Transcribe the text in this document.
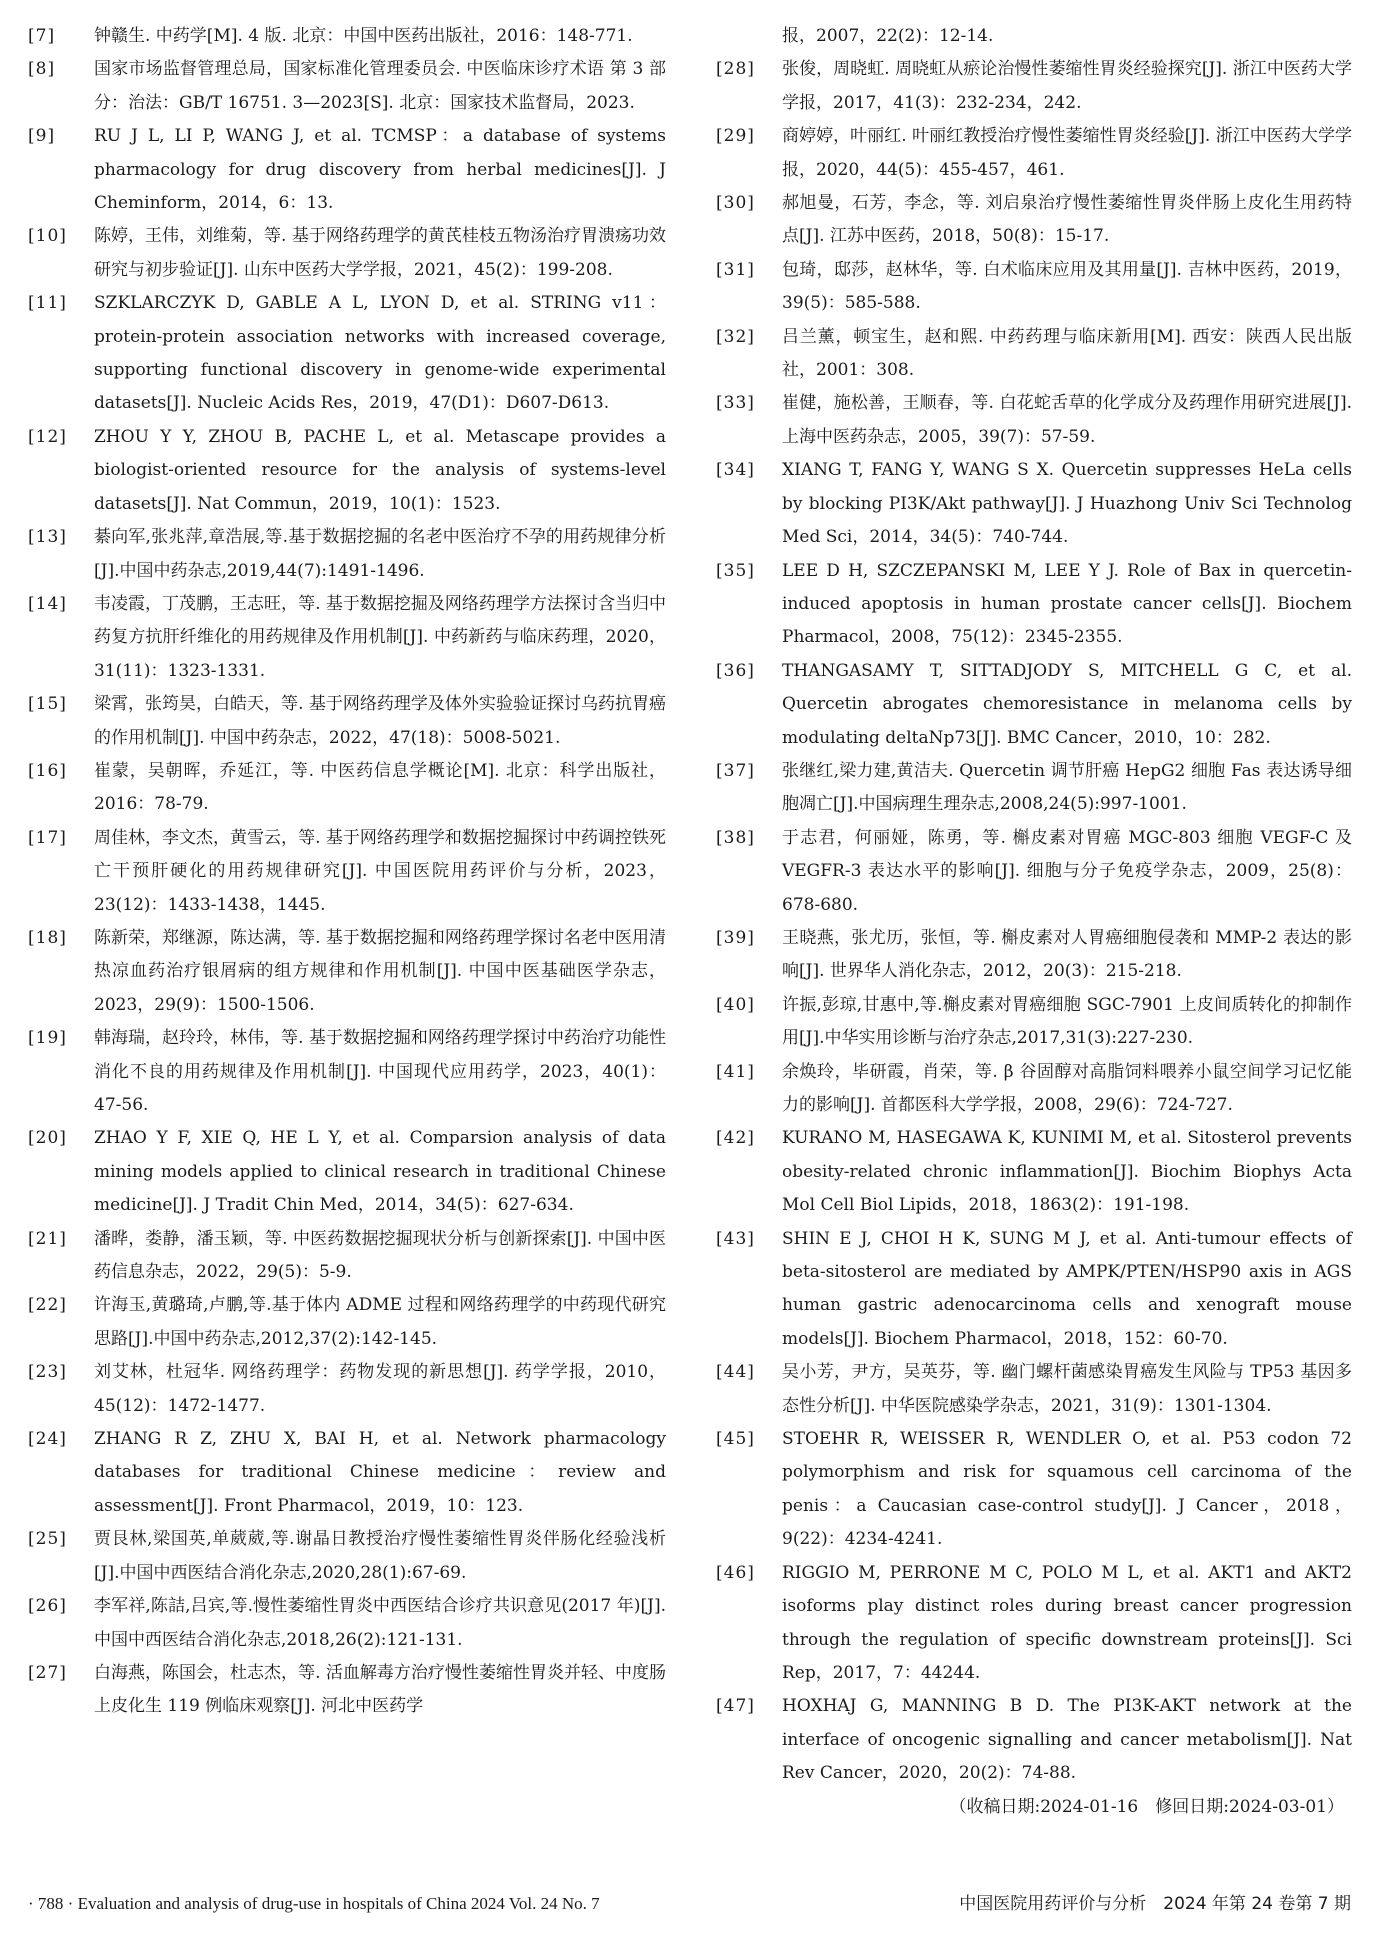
[7]	钟赣生. 中药学[M]. 4 版. 北京：中国中医药出版社，2016：148-771.
[8]	国家市场监督管理总局，国家标准化管理委员会. 中医临床诊疗术语 第 3 部分：治法：GB/T 16751. 3—2023[S]. 北京：国家技术监督局，2023.
[9]	RU J L, LI P, WANG J, et al. TCMSP：a database of systems pharmacology for drug discovery from herbal medicines[J]. J Cheminform，2014，6：13.
[10]	陈婷，王伟，刘维菊，等. 基于网络药理学的黄芪桂枝五物汤治疗胃溃疡功效研究与初步验证[J]. 山东中医药大学学报，2021，45(2)：199-208.
[11]	SZKLARCZYK D, GABLE A L, LYON D, et al. STRING v11：protein-protein association networks with increased coverage, supporting functional discovery in genome-wide experimental datasets[J]. Nucleic Acids Res，2019，47(D1)：D607-D613.
[12]	ZHOU Y Y, ZHOU B, PACHE L, et al. Metascape provides a biologist-oriented resource for the analysis of systems-level datasets[J]. Nat Commun，2019，10(1)：1523.
[13]	綦向军,张兆萍,章浩展,等.基于数据挖掘的名老中医治疗不孕的用药规律分析[J].中国中药杂志,2019,44(7):1491-1496.
[14]	韦凌霞，丁茂鹏，王志旺，等. 基于数据挖掘及网络药理学方法探讨含当归中药复方抗肝纤维化的用药规律及作用机制[J]. 中药新药与临床药理，2020，31(11)：1323-1331.
[15]	梁霄，张筠昊，白皓天，等. 基于网络药理学及体外实验验证探讨乌药抗胃癌的作用机制[J]. 中国中药杂志，2022，47(18)：5008-5021.
[16]	崔蒙，吴朝晖，乔延江，等. 中医药信息学概论[M]. 北京：科学出版社，2016：78-79.
[17]	周佳林，李文杰，黄雪云，等. 基于网络药理学和数据挖掘探讨中药调控铁死亡干预肝硬化的用药规律研究[J]. 中国医院用药评价与分析，2023，23(12)：1433-1438，1445.
[18]	陈新荣，郑继源，陈达满，等. 基于数据挖掘和网络药理学探讨名老中医用清热凉血药治疗银屑病的组方规律和作用机制[J]. 中国中医基础医学杂志，2023，29(9)：1500-1506.
[19]	韩海瑞，赵玲玲，林伟，等. 基于数据挖掘和网络药理学探讨中药治疗功能性消化不良的用药规律及作用机制[J]. 中国现代应用药学，2023，40(1)：47-56.
[20]	ZHAO Y F, XIE Q, HE L Y, et al. Comparsion analysis of data mining models applied to clinical research in traditional Chinese medicine[J]. J Tradit Chin Med，2014，34(5)：627-634.
[21]	潘晔，娄静，潘玉颖，等. 中医药数据挖掘现状分析与创新探索[J]. 中国中医药信息杂志，2022，29(5)：5-9.
[22]	许海玉,黄璐琦,卢鹏,等.基于体内 ADME 过程和网络药理学的中药现代研究思路[J].中国中药杂志,2012,37(2):142-145.
[23]	刘艾林，杜冠华. 网络药理学：药物发现的新思想[J]. 药学学报，2010，45(12)：1472-1477.
[24]	ZHANG R Z, ZHU X, BAI H, et al. Network pharmacology databases for traditional Chinese medicine：review and assessment[J]. Front Pharmacol，2019，10：123.
[25]	贾艮林,梁国英,单葳葳,等.谢晶日教授治疗慢性萎缩性胃炎伴肠化经验浅析[J].中国中西医结合消化杂志,2020,28(1):67-69.
[26]	李军祥,陈詰,吕宾,等.慢性萎缩性胃炎中西医结合诊疗共识意见(2017 年)[J].中国中西医结合消化杂志,2018,26(2):121-131.
[27]	白海燕，陈国会，杜志杰，等. 活血解毒方治疗慢性萎缩性胃炎并轻、中度肠上皮化生 119 例临床观察[J]. 河北中医药学
报，2007，22(2)：12-14.
[28]	张俊，周晓虹. 周晓虹从瘀论治慢性萎缩性胃炎经验探究[J]. 浙江中医药大学学报，2017，41(3)：232-234，242.
[29]	商婷婷，叶丽红. 叶丽红教授治疗慢性萎缩性胃炎经验[J]. 浙江中医药大学学报，2020，44(5)：455-457，461.
[30]	郝旭曼，石芳，李念，等. 刘启泉治疗慢性萎缩性胃炎伴肠上皮化生用药特点[J]. 江苏中医药，2018，50(8)：15-17.
[31]	包琦，邸莎，赵林华，等. 白术临床应用及其用量[J]. 吉林中医药，2019，39(5)：585-588.
[32]	吕兰薰，顿宝生，赵和熙. 中药药理与临床新用[M]. 西安：陕西人民出版社，2001：308.
[33]	崔健，施松善，王顺春，等. 白花蛇舌草的化学成分及药理作用研究进展[J]. 上海中医药杂志，2005，39(7)：57-59.
[34]	XIANG T, FANG Y, WANG S X. Quercetin suppresses HeLa cells by blocking PI3K/Akt pathway[J]. J Huazhong Univ Sci Technolog Med Sci，2014，34(5)：740-744.
[35]	LEE D H, SZCZEPANSKI M, LEE Y J. Role of Bax in quercetin-induced apoptosis in human prostate cancer cells[J]. Biochem Pharmacol，2008，75(12)：2345-2355.
[36]	THANGASAMY T, SITTADJODY S, MITCHELL G C, et al. Quercetin abrogates chemoresistance in melanoma cells by modulating deltaNp73[J]. BMC Cancer，2010，10：282.
[37]	张继红,梁力建,黄洁夫. Quercetin 调节肝癌 HepG2 细胞 Fas 表达诱导细胞凋亡[J].中国病理生理杂志,2008,24(5):997-1001.
[38]	于志君，何丽娅，陈勇，等. 槲皮素对胃癌 MGC-803 细胞 VEGF-C 及 VEGFR-3 表达水平的影响[J]. 细胞与分子免疫学杂志，2009，25(8)：678-680.
[39]	王晓燕，张尤历，张恒，等. 槲皮素对人胃癌细胞侵袭和 MMP-2 表达的影响[J]. 世界华人消化杂志，2012，20(3)：215-218.
[40]	许振,彭琼,甘惠中,等.槲皮素对胃癌细胞 SGC-7901 上皮间质转化的抑制作用[J].中华实用诊断与治疗杂志,2017,31(3):227-230.
[41]	余焕玲，毕研霞，肖荣，等. β 谷固醇对高脂饲料喂养小鼠空间学习记忆能力的影响[J]. 首都医科大学学报，2008，29(6)：724-727.
[42]	KURANO M, HASEGAWA K, KUNIMI M, et al. Sitosterol prevents obesity-related chronic inflammation[J]. Biochim Biophys Acta Mol Cell Biol Lipids，2018，1863(2)：191-198.
[43]	SHIN E J, CHOI H K, SUNG M J, et al. Anti-tumour effects of beta-sitosterol are mediated by AMPK/PTEN/HSP90 axis in AGS human gastric adenocarcinoma cells and xenograft mouse models[J]. Biochem Pharmacol，2018，152：60-70.
[44]	吴小芳，尹方，吴英芬，等. 幽门螺杆菌感染胃癌发生风险与 TP53 基因多态性分析[J]. 中华医院感染学杂志，2021，31(9)：1301-1304.
[45]	STOEHR R, WEISSER R, WENDLER O, et al. P53 codon 72 polymorphism and risk for squamous cell carcinoma of the penis：a Caucasian case-control study[J]. J Cancer，2018，9(22)：4234-4241.
[46]	RIGGIO M, PERRONE M C, POLO M L, et al. AKT1 and AKT2 isoforms play distinct roles during breast cancer progression through the regulation of specific downstream proteins[J]. Sci Rep，2017，7：44244.
[47]	HOXHAJ G, MANNING B D. The PI3K-AKT network at the interface of oncogenic signalling and cancer metabolism[J]. Nat Rev Cancer，2020，20(2)：74-88.
（收稿日期:2024-01-16　修回日期:2024-03-01）
· 788 · Evaluation and analysis of drug-use in hospitals of China 2024 Vol. 24 No. 7	中国医院用药评价与分析　2024 年第 24 卷第 7 期
